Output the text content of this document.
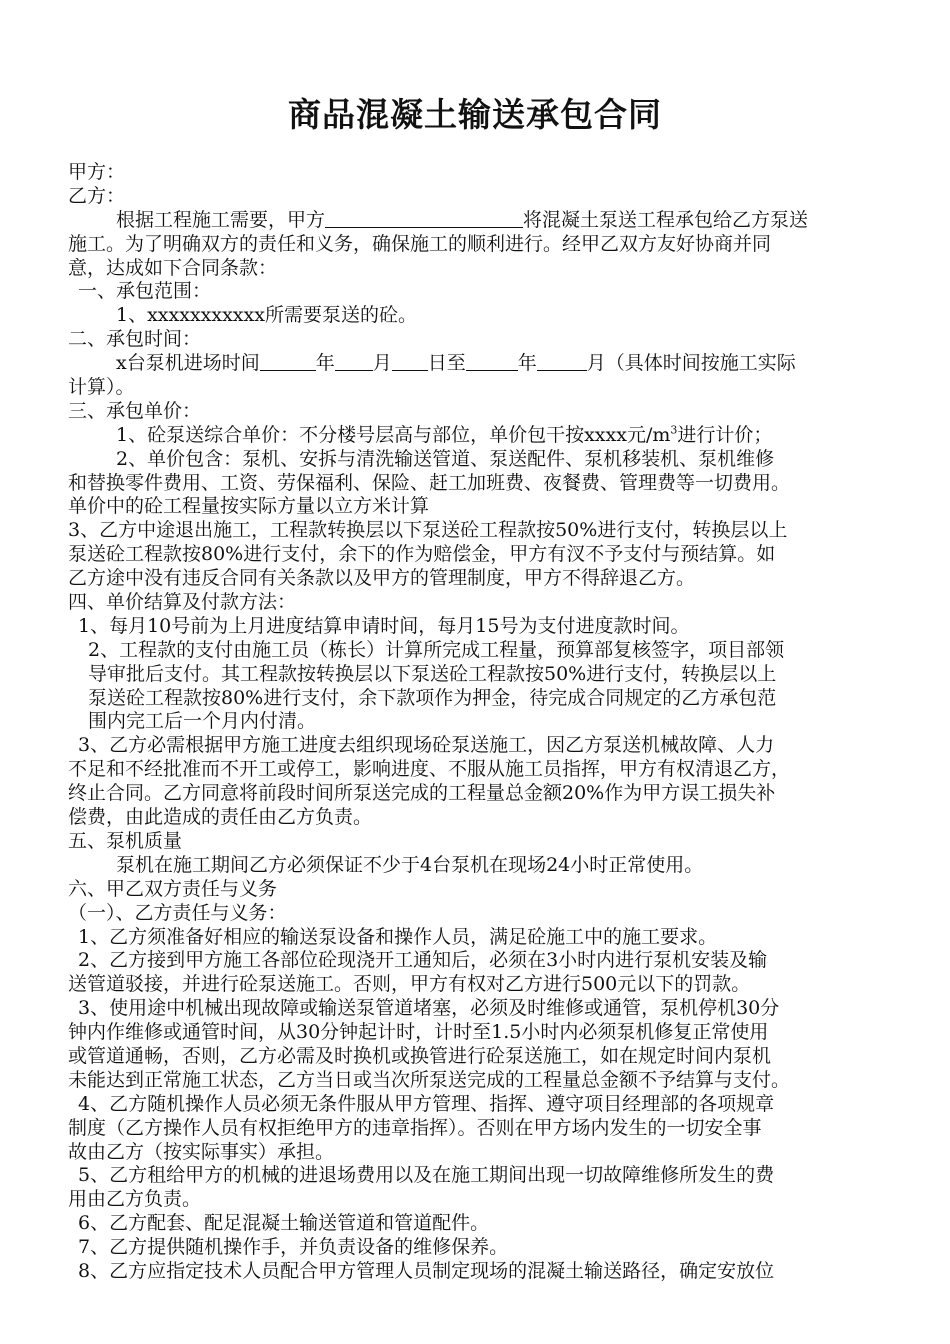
商品混凝土输送承包合同
甲方：
乙方：
根据工程施工需要，甲方	将混凝土泵送工程承包给乙方泵送
施工。为了明确双方的责任和义务，确保施工的顺利进行。经甲乙双方友好协商并同
意，达成如下合同条款：
一、承包范围：
1、xxxxxxxxxxx所需要泵送的砼。
二、承包时间：
x台泵机进场时间	年 月 日至	年	月（具体时间按施工实际
计算）。
三、承包单价：
1、砼泵送综合单价：不分楼号层高与部位，单价包干按xxxx元$/m^3$进行计价；
2、单价包含：泵机、安拆与清洗输送管道、泵送配件、泵机移装机、泵机维修
和替换零件费用、工资、劳保福利、保险、赶工加班费、夜餐费、管理费等一切费用。
单价中的砼工程量按实际方量以立方米计算
3、乙方中途退出施工，工程款转换层以下泵送砼工程款按50%进行支付，转换层以上
泵送砼工程款按80%进行支付，余下的作为赔偿金，甲方有汊不予支付与预结算。如
乙方途中没有违反合同有关条款以及甲方的管理制度，甲方不得辞退乙方。
四、单价结算及付款方法：
1、每月10号前为上月进度结算申请时间，每月15号为支付进度款时间。
2、工程款的支付由施工员（栋长）计算所完成工程量，预算部复核签字，项目部领
导审批后支付。其工程款按转换层以下泵送砼工程款按50%进行支付，转换层以上
泵送砼工程款按80%进行支付，余下款项作为押金，待完成合同规定的乙方承包范
围内完工后一个月内付清。
3、乙方必需根据甲方施工进度去组织现场砼泵送施工，因乙方泵送机械故障、人力
不足和不经批准而不开工或停工，影响进度、不服从施工员指挥，甲方有权清退乙方，
终止合同。乙方同意将前段时间所泵送完成的工程量总金额20%作为甲方误工损失补
偿费，由此造成的责任由乙方负责。
五、泵机质量
泵机在施工期间乙方必须保证不少于4台泵机在现场24小时正常使用。
六、甲乙双方责任与义务
（一）、乙方责任与义务：
1、乙方须准备好相应的输送泵设备和操作人员，满足砼施工中的施工要求。
2、乙方接到甲方施工各部位砼现浇开工通知后，必须在3小时内进行泵机安装及输
送管道驳接，并进行砼泵送施工。否则，甲方有权对乙方进行500元以下的罚款。
3、使用途中机械出现故障或输送泵管道堵塞，必须及时维修或通管，泵机停机30分
钟内作维修或通管时间，从30分钟起计时，计时至1.5小时内必须泵机修复正常使用
或管道通畅，否则，乙方必需及时换机或换管进行砼泵送施工，如在规定时间内泵机
未能达到正常施工状态，乙方当日或当次所泵送完成的工程量总金额不予结算与支付。
4、乙方随机操作人员必须无条件服从甲方管理、指挥、遵守项目经理部的各项规章
制度（乙方操作人员有权拒绝甲方的违章指挥）。否则在甲方场内发生的一切安全事
故由乙方（按实际事实）承担。
5、乙方租给甲方的机械的进退场费用以及在施工期间出现一切故障维修所发生的费
用由乙方负责。
6、乙方配套、配足混凝土输送管道和管道配件。
7、乙方提供随机操作手，并负责设备的维修保养。
8、乙方应指定技术人员配合甲方管理人员制定现场的混凝土输送路径，确定安放位
